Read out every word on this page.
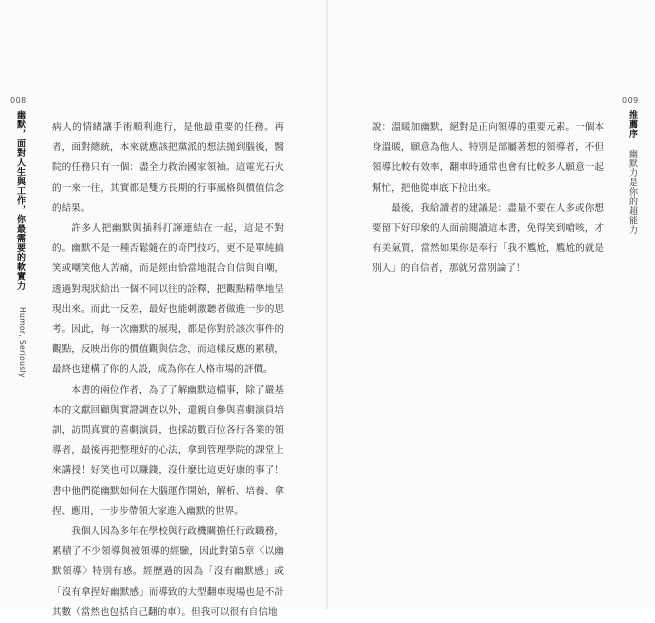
008
幽默，面對人生與工作，你最需要的軟實力 Humor, Seriously

病人的情緒讓手術順利進行，是他最重要的任務。再者，面對總統，本來就應該把黨派的想法拋到腦後，醫院的任務只有一個：盡全力救治國家領袖。這電光石火的一來一往，其實都是雙方長期的行事風格與價值信念的結果。

許多人把幽默與插科打諢連結在一起，這是不對的。幽默不是一種否鬆隨在的奇門技巧，更不是單純搞笑或嘲笑他人苦痛，而是經由恰當地混合自信與自嘲，透過對現狀給出一個不同以往的詮釋，把觀點精準地呈現出來。而此一反差，最好也能刺激聽者做進一步的思考。因此，每一次幽默的展現，都是你對於該次事件的觀點，反映出你的價值觀與信念，而這樣反應的累積，最終也建構了你的人設，成為你在人格市場的評價。

本書的兩位作者，為了了解幽默這檔事，除了嚴基本的文獻回顧與實證調查以外，還親自參與喜劇演員培訓，訪問真實的喜劇演員，也採訪數百位各行各業的領導者，最後再把整理好的心法，拿到管理學院的課堂上來講授！好笑也可以賺錢，沒什麼比這更好康的事了！書中他們從幽默如何在大腦運作開始，解析、培養、拿捏、應用，一步步帶領大家進入幽默的世界。

我個人因為多年在學校與行政機關擔任行政職務，累積了不少領導與被領導的經驗，因此對第5章〈以幽默領導〉特別有感。經歷過的因為「沒有幽默感」或「沒有拿捏好幽默感」而導致的大型翻車現場也是不計其數（當然也包括自己翻的車）。但我可以很有自信地

009
推薦序 幽默力是你的超能力

說：溫暖加幽默，絕對是正向領導的重要元素。一個本身溫暖，願意為他人、特別是部屬著想的領導者，不但領導比較有效率，翻車時通常也會有比較多人願意一起幫忙，把他從車底下拉出來。

最後，我給讀者的建議是：盡量不要在人多或你想要留下好印象的人面前閱讀這本書，免得笑到嗆咳，才有美氣質，當然如果你是奉行「我不尷尬，尷尬的就是別人」的自信者，那就另當別論了！
